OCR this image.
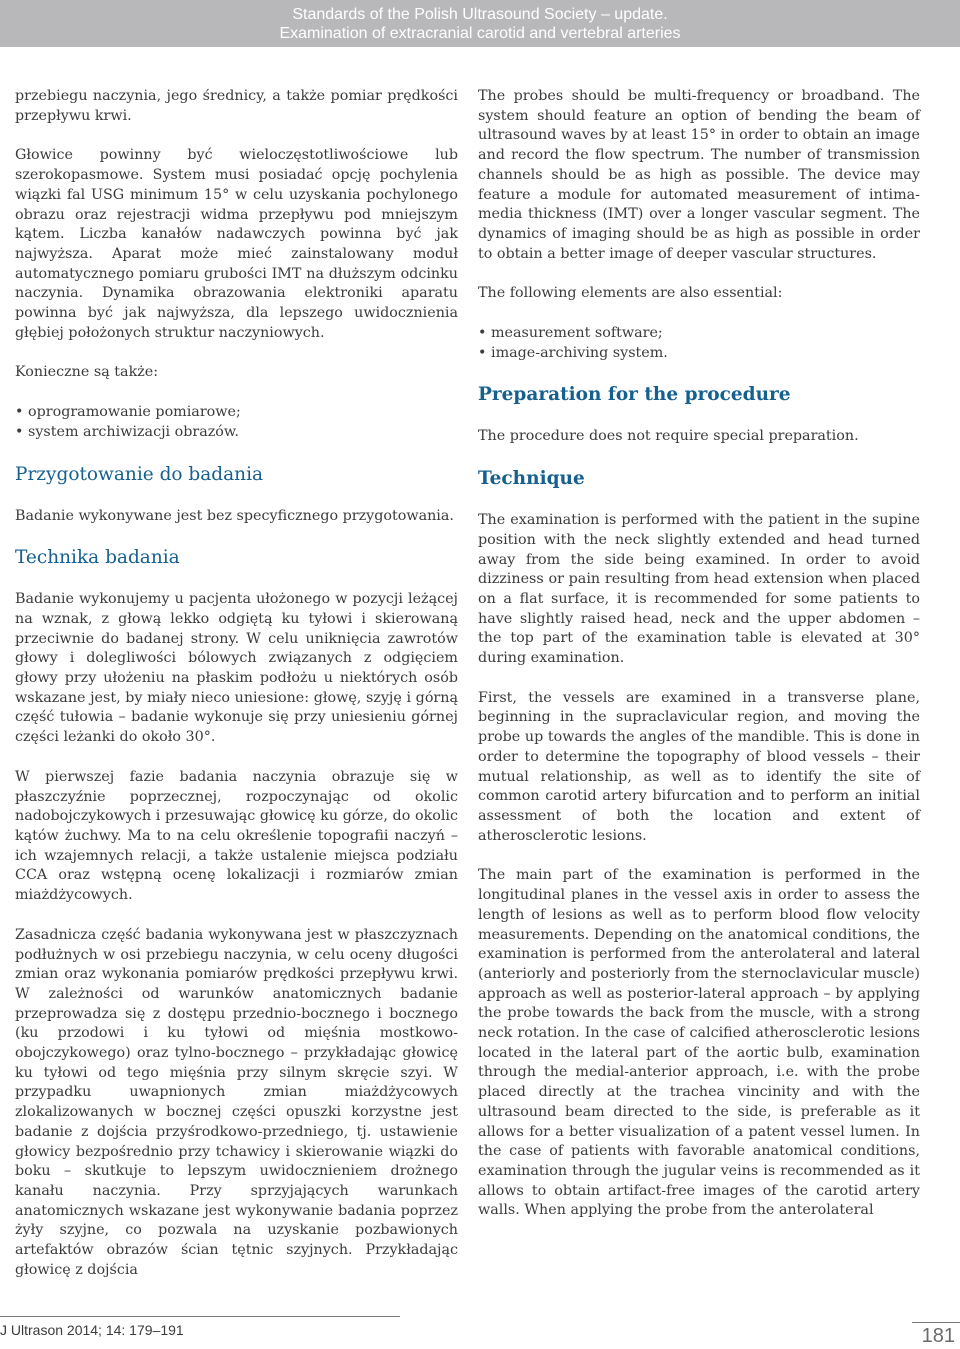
Standards of the Polish Ultrasound Society – update.
Examination of extracranial carotid and vertebral arteries

przebiegu naczynia, jego średnicy, a także pomiar prędkości przepływu krwi.

Głowice powinny być wieloczęstotliwościowe lub szerokopasmowe. System musi posiadać opcję pochylenia wiązki fal USG minimum 15° w celu uzyskania pochylonego obrazu oraz rejestracji widma przepływu pod mniejszym kątem. Liczba kanałów nadawczych powinna być jak najwyższa. Aparat może mieć zainstalowany moduł automatycznego pomiaru grubości IMT na dłuższym odcinku naczynia. Dynamika obrazowania elektroniki aparatu powinna być jak najwyższa, dla lepszego uwidocznienia głębiej położonych struktur naczyniowych.

Konieczne są także:

• oprogramowanie pomiarowe;
• system archiwizacji obrazów.
Przygotowanie do badania

Badanie wykonywane jest bez specyficznego przygotowania.

Technika badania

Badanie wykonujemy u pacjenta ułożonego w pozycji leżącej na wznak, z głową lekko odgiętą ku tyłowi i skierowaną przeciwnie do badanej strony. W celu uniknięcia zawrotów głowy i dolegliwości bólowych związanych z odgięciem głowy przy ułożeniu na płaskim podłożu u niektórych osób wskazane jest, by miały nieco uniesione: głowę, szyję i górną część tułowia – badanie wykonuje się przy uniesieniu górnej części leżanki do około 30°.

W pierwszej fazie badania naczynia obrazuje się w płaszczyźnie poprzecznej, rozpoczynając od okolic nadobojczykowych i przesuwając głowicę ku górze, do okolic kątów żuchwy. Ma to na celu określenie topografii naczyń – ich wzajemnych relacji, a także ustalenie miejsca podziału CCA oraz wstępną ocenę lokalizacji i rozmiarów zmian miażdżycowych.

Zasadnicza część badania wykonywana jest w płaszczyznach podłużnych w osi przebiegu naczynia, w celu oceny długości zmian oraz wykonania pomiarów prędkości przepływu krwi. W zależności od warunków anatomicznych badanie przeprowadza się z dostępu przednio-bocznego i bocznego (ku przodowi i ku tyłowi od mięśnia mostkowo-obojczykowego) oraz tylno-bocznego – przykładając głowicę ku tyłowi od tego mięśnia przy silnym skręcie szyi. W przypadku uwapnionych zmian miażdżycowych zlokalizowanych w bocznej części opuszki korzystne jest badanie z dojścia przyśrodkowo-przedniego, tj. ustawienie głowicy bezpośrednio przy tchawicy i skierowanie wiązki do boku – skutkuje to lepszym uwidocznieniem drożnego kanału naczynia. Przy sprzyjających warunkach anatomicznych wskazane jest wykonywanie badania poprzez żyły szyjne, co pozwala na uzyskanie pozbawionych artefaktów obrazów ścian tętnic szyjnych. Przykładając głowicę z dojścia

The probes should be multi-frequency or broadband. The system should feature an option of bending the beam of ultrasound waves by at least 15° in order to obtain an image and record the flow spectrum. The number of transmission channels should be as high as possible. The device may feature a module for automated measurement of intima-media thickness (IMT) over a longer vascular segment. The dynamics of imaging should be as high as possible in order to obtain a better image of deeper vascular structures.

The following elements are also essential:

• measurement software;
• image-archiving system.
Preparation for the procedure

The procedure does not require special preparation.

Technique

The examination is performed with the patient in the supine position with the neck slightly extended and head turned away from the side being examined. In order to avoid dizziness or pain resulting from head extension when placed on a flat surface, it is recommended for some patients to have slightly raised head, neck and the upper abdomen – the top part of the examination table is elevated at 30° during examination.

First, the vessels are examined in a transverse plane, beginning in the supraclavicular region, and moving the probe up towards the angles of the mandible. This is done in order to determine the topography of blood vessels – their mutual relationship, as well as to identify the site of common carotid artery bifurcation and to perform an initial assessment of both the location and extent of atherosclerotic lesions.

The main part of the examination is performed in the longitudinal planes in the vessel axis in order to assess the length of lesions as well as to perform blood flow velocity measurements. Depending on the anatomical conditions, the examination is performed from the anterolateral and lateral (anteriorly and posteriorly from the sternoclavicular muscle) approach as well as posterior-lateral approach – by applying the probe towards the back from the muscle, with a strong neck rotation. In the case of calcified atherosclerotic lesions located in the lateral part of the aortic bulb, examination through the medial-anterior approach, i.e. with the probe placed directly at the trachea vincinity and with the ultrasound beam directed to the side, is preferable as it allows for a better visualization of a patent vessel lumen. In the case of patients with favorable anatomical conditions, examination through the jugular veins is recommended as it allows to obtain artifact-free images of the carotid artery walls. When applying the probe from the anterolateral

J Ultrason 2014; 14: 179–191	181
